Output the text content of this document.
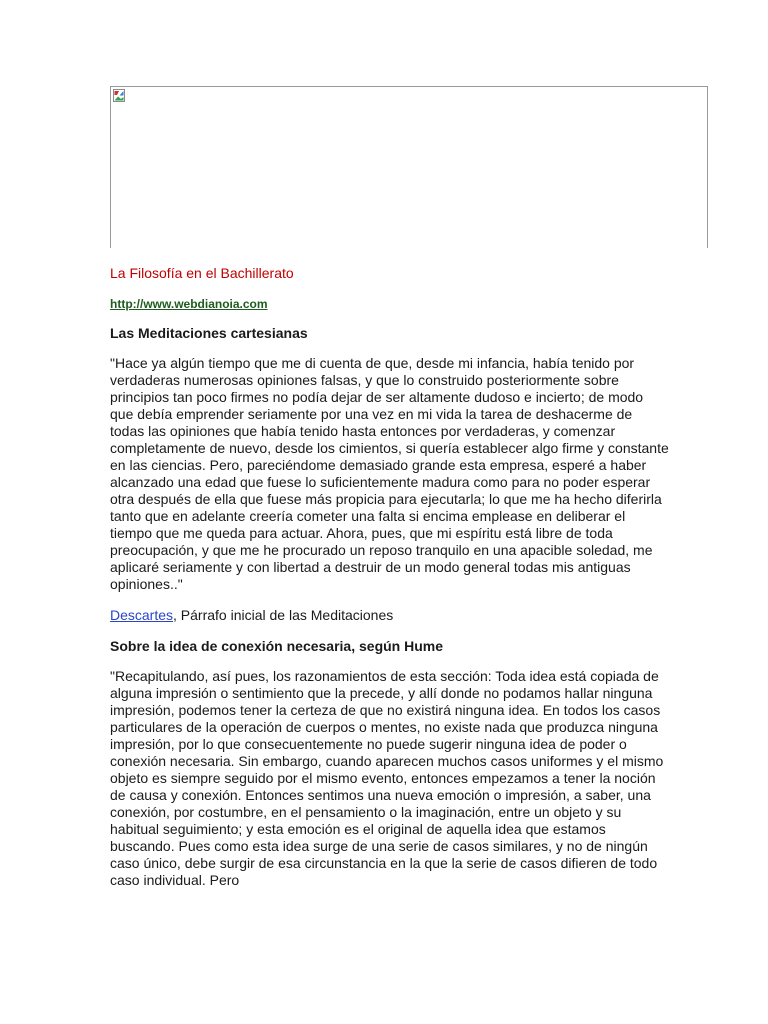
La Filosofía en el Bachillerato
http://www.webdianoia.com
Las Meditaciones cartesianas

"Hace ya algún tiempo que me di cuenta de que, desde mi infancia, había tenido por verdaderas numerosas opiniones falsas, y que lo construido posteriormente sobre principios tan poco firmes no podía dejar de ser altamente dudoso e incierto; de modo que debía emprender seriamente por una vez en mi vida la tarea de deshacerme de todas las opiniones que había tenido hasta entonces por verdaderas, y comenzar completamente de nuevo, desde los cimientos, si quería establecer algo firme y constante en las ciencias. Pero, pareciéndome demasiado grande esta empresa, esperé a haber alcanzado una edad que fuese lo suficientemente madura como para no poder esperar otra después de ella que fuese más propicia para ejecutarla; lo que me ha hecho diferirla tanto que en adelante creería cometer una falta si encima emplease en deliberar el tiempo que me queda para actuar. Ahora, pues, que mi espíritu está libre de toda preocupación, y que me he procurado un reposo tranquilo en una apacible soledad, me aplicaré seriamente y con libertad a destruir de un modo general todas mis antiguas opiniones.."

Descartes, Párrafo inicial de las Meditaciones

Sobre la idea de conexión necesaria, según Hume

"Recapitulando, así pues, los razonamientos de esta sección: Toda idea está copiada de alguna impresión o sentimiento que la precede, y allí donde no podamos hallar ninguna impresión, podemos tener la certeza de que no existirá ninguna idea. En todos los casos particulares de la operación de cuerpos o mentes, no existe nada que produzca ninguna impresión, por lo que consecuentemente no puede sugerir ninguna idea de poder o conexión necesaria. Sin embargo, cuando aparecen muchos casos uniformes y el mismo objeto es siempre seguido por el mismo evento, entonces empezamos a tener la noción de causa y conexión. Entonces sentimos una nueva emoción o impresión, a saber, una conexión, por costumbre, en el pensamiento o la imaginación, entre un objeto y su habitual seguimiento; y esta emoción es el original de aquella idea que estamos buscando. Pues como esta idea surge de una serie de casos similares, y no de ningún caso único, debe surgir de esa circunstancia en la que la serie de casos difieren de todo caso individual. Pero
